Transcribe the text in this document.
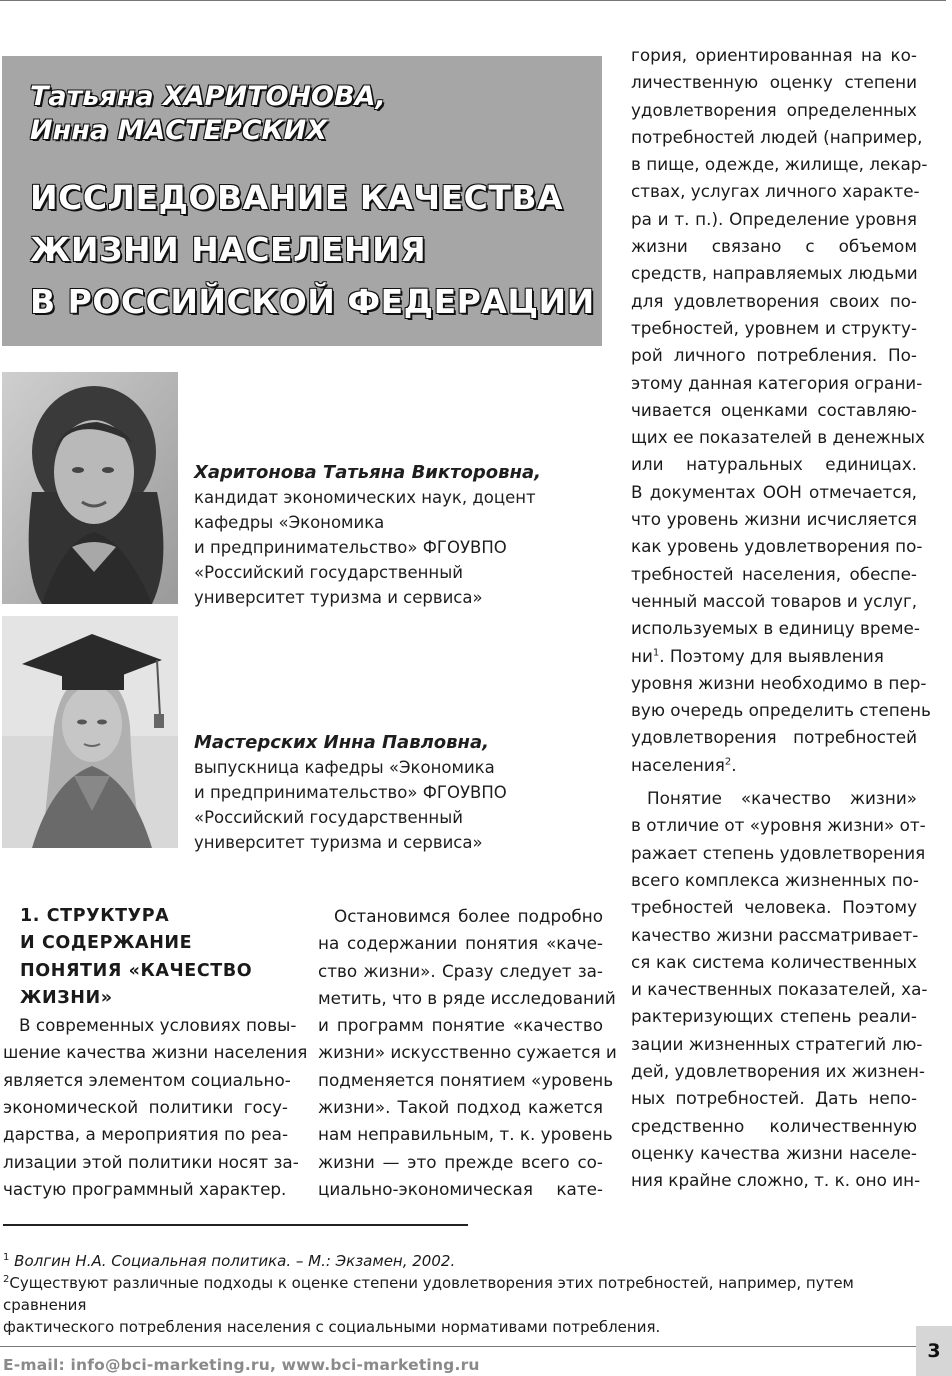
Татьяна ХАРИТОНОВА,
Инна МАСТЕРСКИХ
ИССЛЕДОВАНИЕ КАЧЕСТВА
ЖИЗНИ НАСЕЛЕНИЯ
В РОССИЙСКОЙ ФЕДЕРАЦИИ
Харитонова Татьяна Викторовна,
кандидат экономических наук, доцент
кафедры «Экономика
и предпринимательство» ФГОУВПО
«Российский государственный
университет туризма и сервиса»
Мастерских Инна Павловна,
выпускница кафедры «Экономика
и предпринимательство» ФГОУВПО
«Российский государственный
университет туризма и сервиса»
1. СТРУКТУРА
И СОДЕРЖАНИЕ
ПОНЯТИЯ «КАЧЕСТВО
ЖИЗНИ»
В современных условиях повы-
шение качества жизни населения
является элементом социально-
экономической политики госу-
дарства, а мероприятия по реа-
лизации этой политики носят за-
частую программный характер.
Остановимся более подробно
на содержании понятия «каче-
ство жизни». Сразу следует за-
метить, что в ряде исследований
и программ понятие «качество
жизни» искусственно сужается и
подменяется понятием «уровень
жизни». Такой подход кажется
нам неправильным, т. к. уровень
жизни — это прежде всего со-
циально-экономическая кате-
гория, ориентированная на ко-
личественную оценку степени
удовлетворения определенных
потребностей людей (например,
в пище, одежде, жилище, лекар-
ствах, услугах личного характе-
ра и т. п.). Определение уровня
жизни связано с объемом
средств, направляемых людьми
для удовлетворения своих по-
требностей, уровнем и структу-
рой личного потребления. По-
этому данная категория ограни-
чивается оценками составляю-
щих ее показателей в денежных
или натуральных единицах.
В документах ООН отмечается,
что уровень жизни исчисляется
как уровень удовлетворения по-
требностей населения, обеспе-
ченный массой товаров и услуг,
используемых в единицу време-
$ни^1$. Поэтому для выявления
уровня жизни необходимо в пер-
вую очередь определить степень
удовлетворения потребностей
населения$^2$.
Понятие «качество жизни»
в отличие от «уровня жизни» от-
ражает степень удовлетворения
всего комплекса жизненных по-
требностей человека. Поэтому
качество жизни рассматривает-
ся как система количественных
и качественных показателей, ха-
рактеризующих степень реали-
зации жизненных стратегий лю-
дей, удовлетворения их жизнен-
ных потребностей. Дать непо-
средственно количественную
оценку качества жизни населе-
ния крайне сложно, т. к. оно ин-
$^1$ Волгин Н.А. Социальная политика. – М.: Экзамен, 2002.
$^2$Существуют различные подходы к оценке степени удовлетворения этих потребностей, например, путем сравнения
фактического потребления населения с социальными нормативами потребления.
3
E-mail: info@bci-marketing.ru, www.bci-marketing.ru
